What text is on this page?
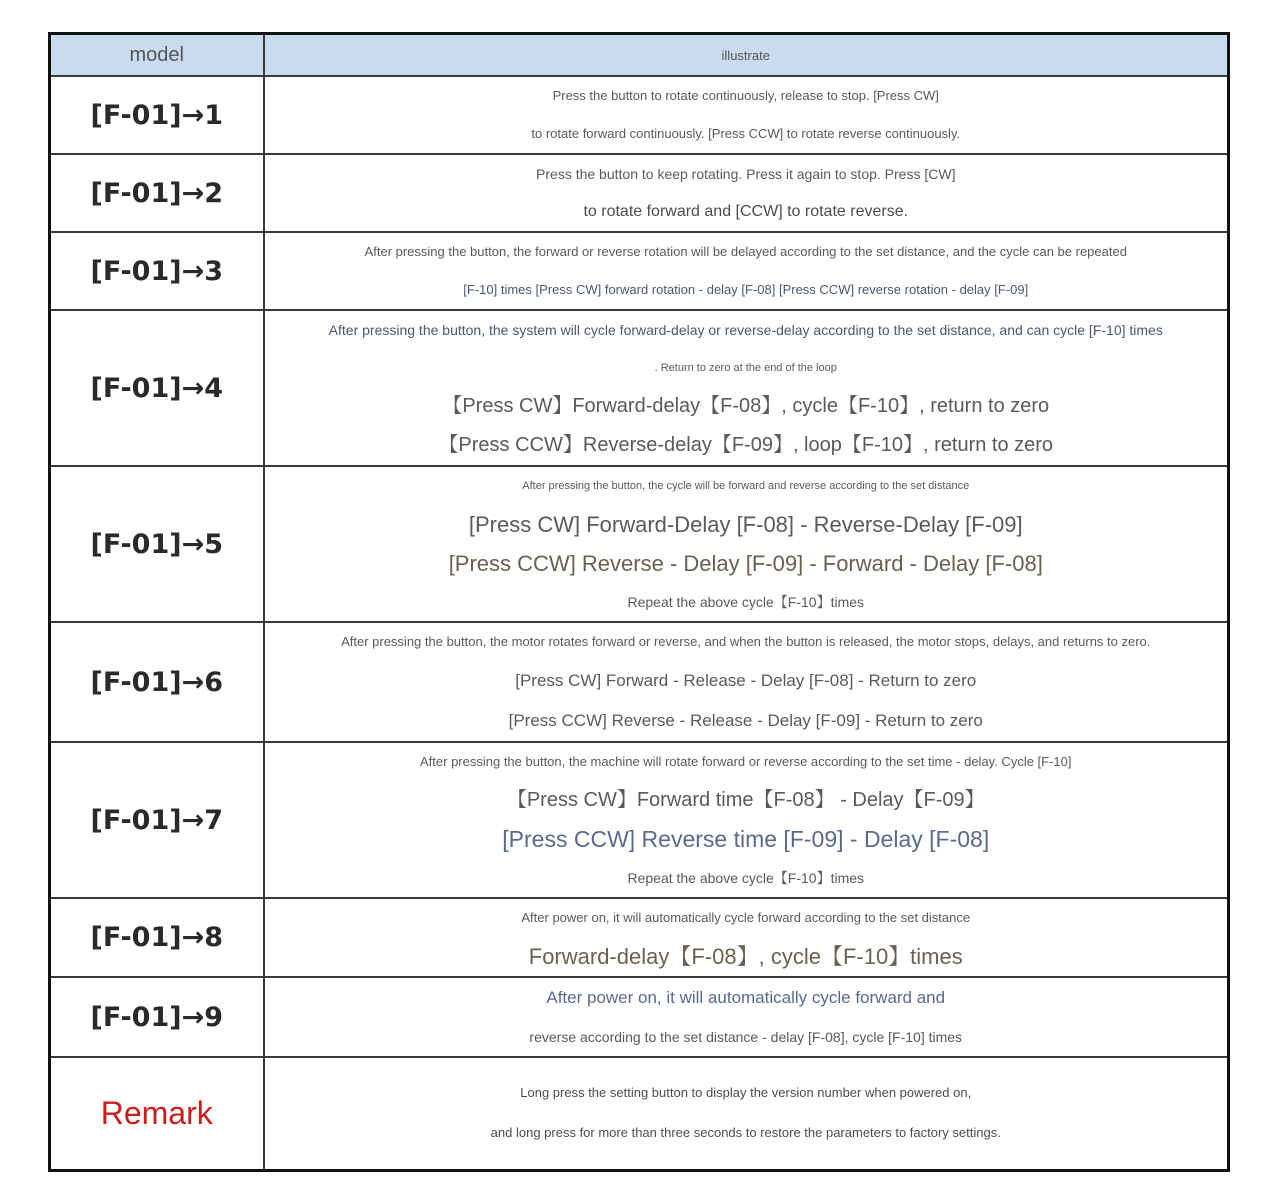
model	illustrate
[F-01]→1	Press the button to rotate continuously, release to stop. [Press CW]
to rotate forward continuously. [Press CCW] to rotate reverse continuously.

[F-01]→2	Press the button to keep rotating. Press it again to stop. Press [CW]
to rotate forward and [CCW] to rotate reverse.

[F-01]→3	After pressing the button, the forward or reverse rotation will be delayed according to the set distance, and the cycle can be repeated
[F-10] times [Press CW] forward rotation - delay [F-08] [Press CCW] reverse rotation - delay [F-09]

[F-01]→4	After pressing the button, the system will cycle forward-delay or reverse-delay according to the set distance, and can cycle [F-10] times
. Return to zero at the end of the loop
【Press CW】Forward-delay【F-08】, cycle【F-10】, return to zero
【Press CCW】Reverse-delay【F-09】, loop【F-10】, return to zero

[F-01]→5	After pressing the button, the cycle will be forward and reverse according to the set distance
[Press CW] Forward-Delay [F-08] - Reverse-Delay [F-09]
[Press CCW] Reverse - Delay [F-09] - Forward - Delay [F-08]
Repeat the above cycle【F-10】times

[F-01]→6	After pressing the button, the motor rotates forward or reverse, and when the button is released, the motor stops, delays, and returns to zero.
[Press CW] Forward - Release - Delay [F-08] - Return to zero
[Press CCW] Reverse - Release - Delay [F-09] - Return to zero

[F-01]→7	After pressing the button, the machine will rotate forward or reverse according to the set time - delay. Cycle [F-10]
【Press CW】Forward time【F-08】 - Delay【F-09】
[Press CCW] Reverse time [F-09] - Delay [F-08]
Repeat the above cycle【F-10】times

[F-01]→8	After power on, it will automatically cycle forward according to the set distance
Forward-delay【F-08】, cycle【F-10】times

[F-01]→9	After power on, it will automatically cycle forward and
reverse according to the set distance - delay [F-08], cycle [F-10] times

Remark	Long press the setting button to display the version number when powered on,
and long press for more than three seconds to restore the parameters to factory settings.
